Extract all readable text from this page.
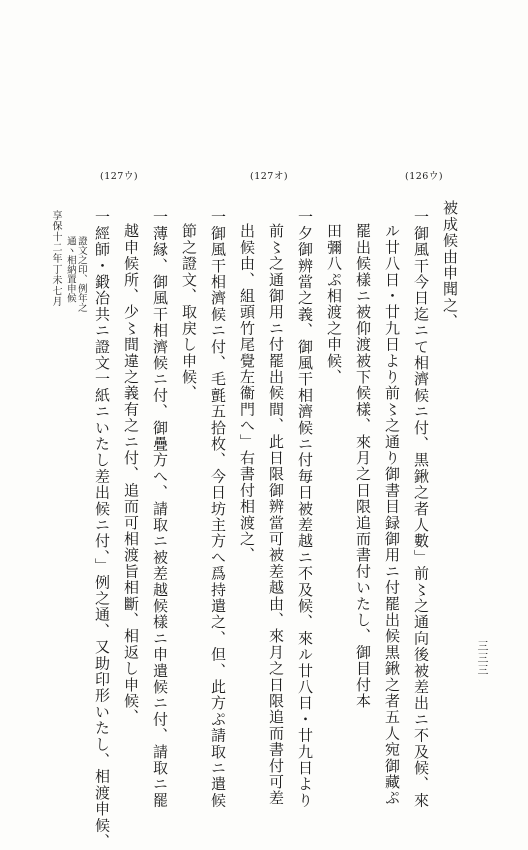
被成候由申聞之、
一御風干今日迄ニて相濟候ニ付、黒鍬之者人數」前〻之通向後被差出ニ不及候、來
ル廿八日・廿九日より前〻之通り御書目録御用ニ付罷出候黒鍬之者五人宛御藏ぷ
罷出候樣ニ被仰渡被下候樣、來月之日限追而書付いたし、御目付本
田彌八ぷ相渡之申候、
一夕御辨當之義、御風干相濟候ニ付毎日被差越ニ不及候、來ル廿八日・廿九日より
前〻之通御用ニ付罷出候間、此日限御辨當可被差越由、來月之日限追而書付可差
出候由、組頭竹尾覺左衞門へ」右書付相渡之、
一御風干相濟候ニ付、毛氈五拾枚、今日坊主方へ爲持遣之、但、此方ぷ請取ニ遣候
節之證文、取戻し申候、
一薄縁、御風干相濟候ニ付、御疊方へ、請取ニ被差越候樣ニ申遣候ニ付、請取ニ罷
越申候所、少〻間違之義有之ニ付、追而可相渡旨相斷、相返し申候、
一經師・鍛冶共ニ證文一紙ニいたし差出候ニ付、」例之通、又助印形いたし、相渡申候、
證文之印、例年之
通ヽ相納置申候
(127ウ)	(127オ)	(126ウ)
三三三
享保十二年丁未七月
